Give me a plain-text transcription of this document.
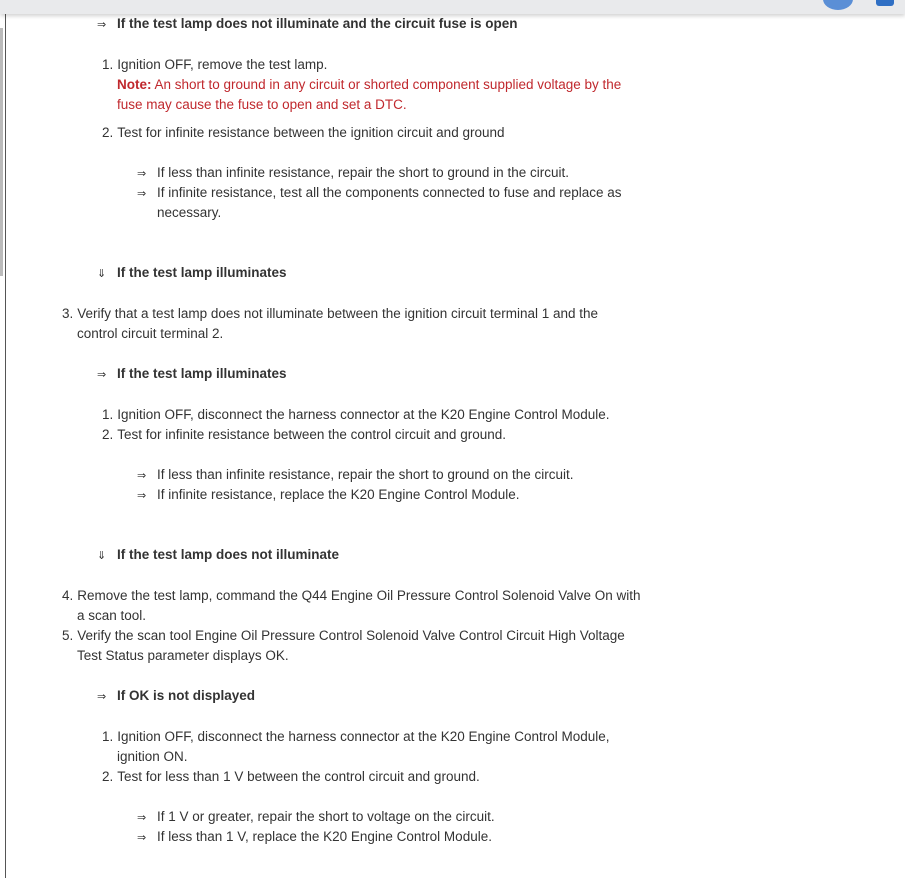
⇒ If the test lamp does not illuminate and the circuit fuse is open
1. Ignition OFF, remove the test lamp.
Note: An short to ground in any circuit or shorted component supplied voltage by the
fuse may cause the fuse to open and set a DTC.
2. Test for infinite resistance between the ignition circuit and ground
⇒ If less than infinite resistance, repair the short to ground in the circuit.
⇒ If infinite resistance, test all the components connected to fuse and replace as
necessary.
⇓ If the test lamp illuminates
3. Verify that a test lamp does not illuminate between the ignition circuit terminal 1 and the
control circuit terminal 2.
⇒ If the test lamp illuminates
1. Ignition OFF, disconnect the harness connector at the K20 Engine Control Module.
2. Test for infinite resistance between the control circuit and ground.
⇒ If less than infinite resistance, repair the short to ground on the circuit.
⇒ If infinite resistance, replace the K20 Engine Control Module.
⇓ If the test lamp does not illuminate
4. Remove the test lamp, command the Q44 Engine Oil Pressure Control Solenoid Valve On with
a scan tool.
5. Verify the scan tool Engine Oil Pressure Control Solenoid Valve Control Circuit High Voltage
Test Status parameter displays OK.
⇒ If OK is not displayed
1. Ignition OFF, disconnect the harness connector at the K20 Engine Control Module,
ignition ON.
2. Test for less than 1 V between the control circuit and ground.
⇒ If 1 V or greater, repair the short to voltage on the circuit.
⇒ If less than 1 V, replace the K20 Engine Control Module.
